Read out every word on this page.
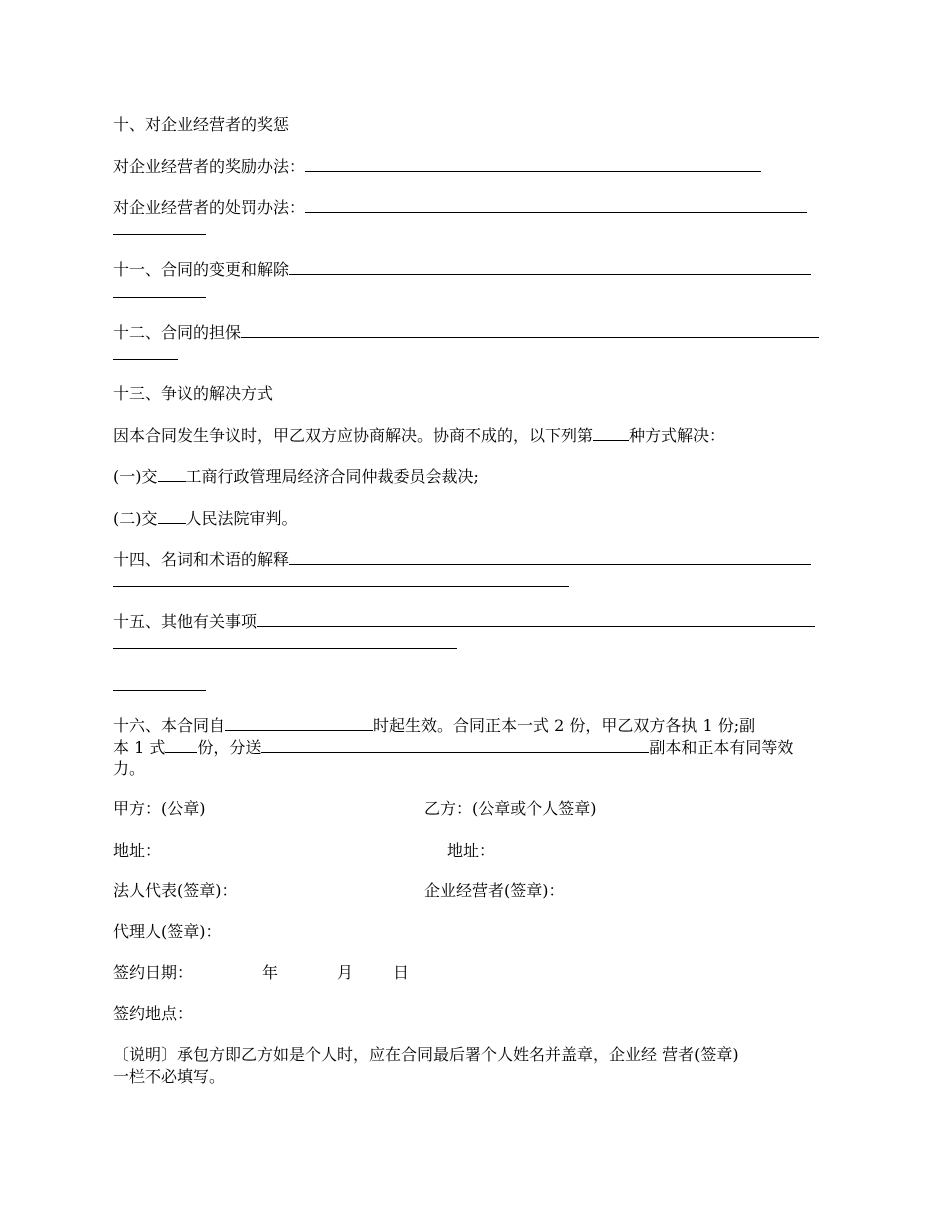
十、对企业经营者的奖惩
对企业经营者的奖励办法：
对企业经营者的处罚办法：
十一、合同的变更和解除
十二、合同的担保
十三、争议的解决方式
因本合同发生争议时，甲乙双方应协商解决。协商不成的，以下列第 种方式解决：
(一)交 工商行政管理局经济合同仲裁委员会裁决;
(二)交 人民法院审判。
十四、名词和术语的解释
十五、其他有关事项
十六、本合同自	时起生效。合同正本一式 2 份，甲乙双方各执 1 份;副
本 1 式 份，分送	副本和正本有同等效
力。
甲方：(公章)	乙方：(公章或个人签章)
地址：	地址：
法人代表(签章)：	企业经营者(签章)：
代理人(签章)：
签约日期：	年	月 日
签约地点：
〔说明〕承包方即乙方如是个人时，应在合同最后署个人姓名并盖章，企业经 营者(签章)
一栏不必填写。
